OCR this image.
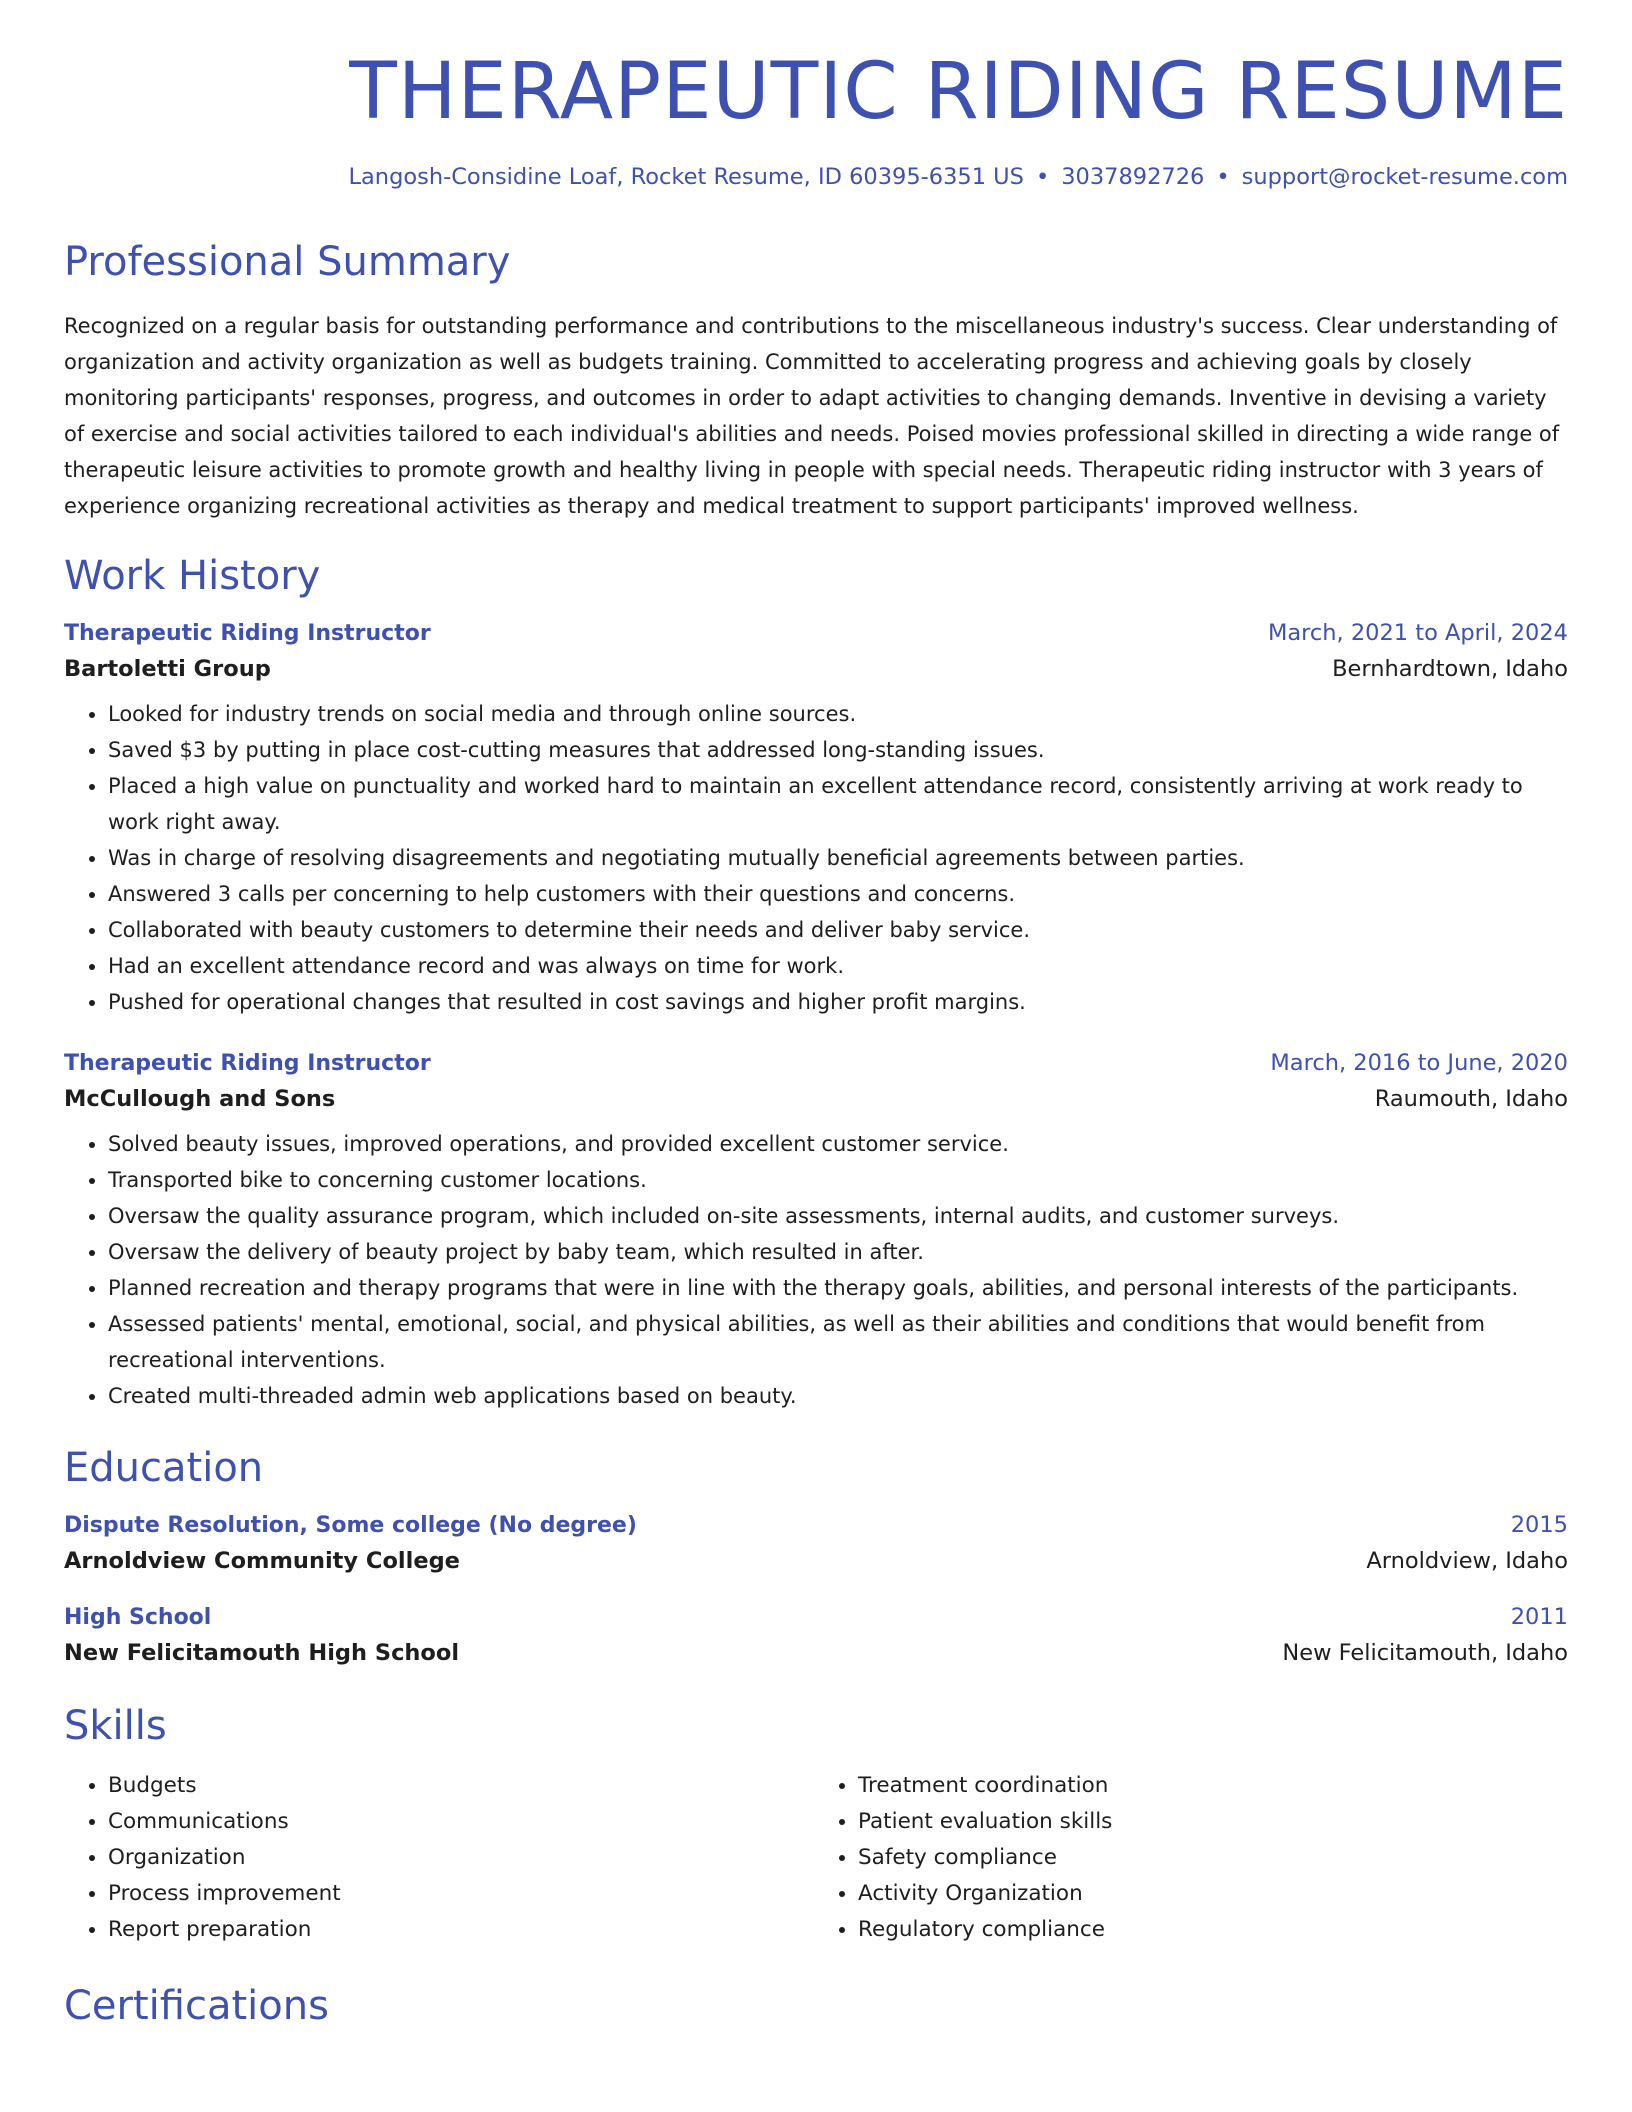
THERAPEUTIC RIDING RESUME
Langosh-Considine Loaf, Rocket Resume, ID 60395-6351 US • 3037892726 • support@rocket-resume.com
Professional Summary

Recognized on a regular basis for outstanding performance and contributions to the miscellaneous industry's success. Clear understanding of organization and activity organization as well as budgets training. Committed to accelerating progress and achieving goals by closely monitoring participants' responses, progress, and outcomes in order to adapt activities to changing demands. Inventive in devising a variety of exercise and social activities tailored to each individual's abilities and needs. Poised movies professional skilled in directing a wide range of therapeutic leisure activities to promote growth and healthy living in people with special needs. Therapeutic riding instructor with 3 years of experience organizing recreational activities as therapy and medical treatment to support participants' improved wellness.

Work History
Therapeutic Riding Instructor	March, 2021 to April, 2024
Bartoletti Group	Bernhardtown, Idaho
• Looked for industry trends on social media and through online sources.
• Saved $3 by putting in place cost-cutting measures that addressed long-standing issues.
• Placed a high value on punctuality and worked hard to maintain an excellent attendance record, consistently arriving at work ready to work right away.
• Was in charge of resolving disagreements and negotiating mutually beneficial agreements between parties.
• Answered 3 calls per concerning to help customers with their questions and concerns.
• Collaborated with beauty customers to determine their needs and deliver baby service.
• Had an excellent attendance record and was always on time for work.
• Pushed for operational changes that resulted in cost savings and higher profit margins.
Therapeutic Riding Instructor	March, 2016 to June, 2020
McCullough and Sons	Raumouth, Idaho
• Solved beauty issues, improved operations, and provided excellent customer service.
• Transported bike to concerning customer locations.
• Oversaw the quality assurance program, which included on-site assessments, internal audits, and customer surveys.
• Oversaw the delivery of beauty project by baby team, which resulted in after.
• Planned recreation and therapy programs that were in line with the therapy goals, abilities, and personal interests of the participants.
• Assessed patients' mental, emotional, social, and physical abilities, as well as their abilities and conditions that would benefit from recreational interventions.
• Created multi-threaded admin web applications based on beauty.
Education
Dispute Resolution, Some college (No degree)	2015
Arnoldview Community College	Arnoldview, Idaho
High School	2011
New Felicitamouth High School	New Felicitamouth, Idaho
Skills
• Budgets
• Communications
• Organization
• Process improvement
• Report preparation
• Treatment coordination
• Patient evaluation skills
• Safety compliance
• Activity Organization
• Regulatory compliance
Certifications
